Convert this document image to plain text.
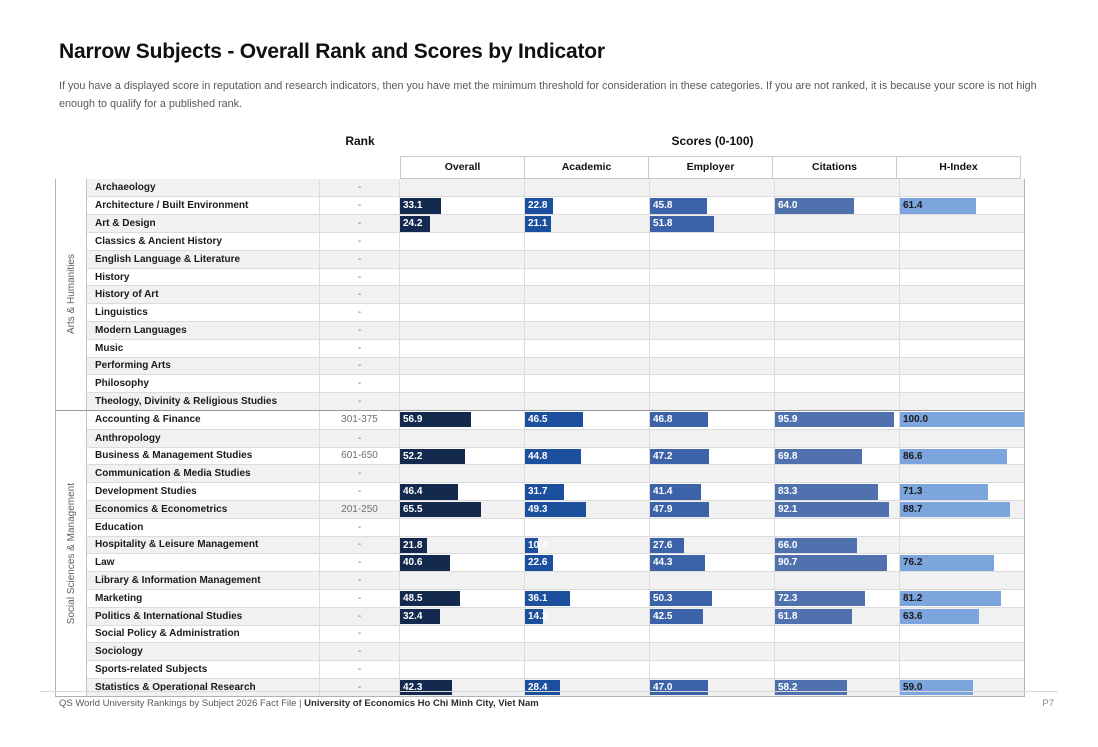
Narrow Subjects - Overall Rank and Scores by Indicator

If you have a displayed score in reputation and research indicators, then you have met the minimum threshold for consideration in these categories. If you are not ranked, it is because your score is not high enough to qualify for a published rank.

Rank	Scores (0-100)
Overall	Academic	Employer	Citations	H-Index
Arts & Humanities
Archaeology	-
Architecture / Built Environment	-	33.1	22.8	45.8	64.0	61.4
Art & Design	-	24.2	21.1	51.8
Classics & Ancient History	-
English Language & Literature	-
History	-
History of Art	-
Linguistics	-
Modern Languages	-
Music	-
Performing Arts	-
Philosophy	-
Theology, Divinity & Religious Studies	-
Social Sciences & Management
Accounting & Finance	301-375	56.9	46.5	46.8	95.9	100.0
Anthropology	-
Business & Management Studies	601-650	52.2	44.8	47.2	69.8	86.6
Communication & Media Studies	-
Development Studies	-	46.4	31.7	41.4	83.3	71.3
Economics & Econometrics	201-250	65.5	49.3	47.9	92.1	88.7
Education	-
Hospitality & Leisure Management	-	21.8	10.4	27.6	66.0
Law	-	40.6	22.6	44.3	90.7	76.2
Library & Information Management	-
Marketing	-	48.5	36.1	50.3	72.3	81.2
Politics & International Studies	-	32.4	14.2	42.5	61.8	63.6
Social Policy & Administration	-
Sociology	-
Sports-related Subjects	-
Statistics & Operational Research	-	42.3	28.4	47.0	58.2	59.0
QS World University Rankings by Subject 2026 Fact File | University of Economics Ho Chi Minh City, Viet Nam	P7
